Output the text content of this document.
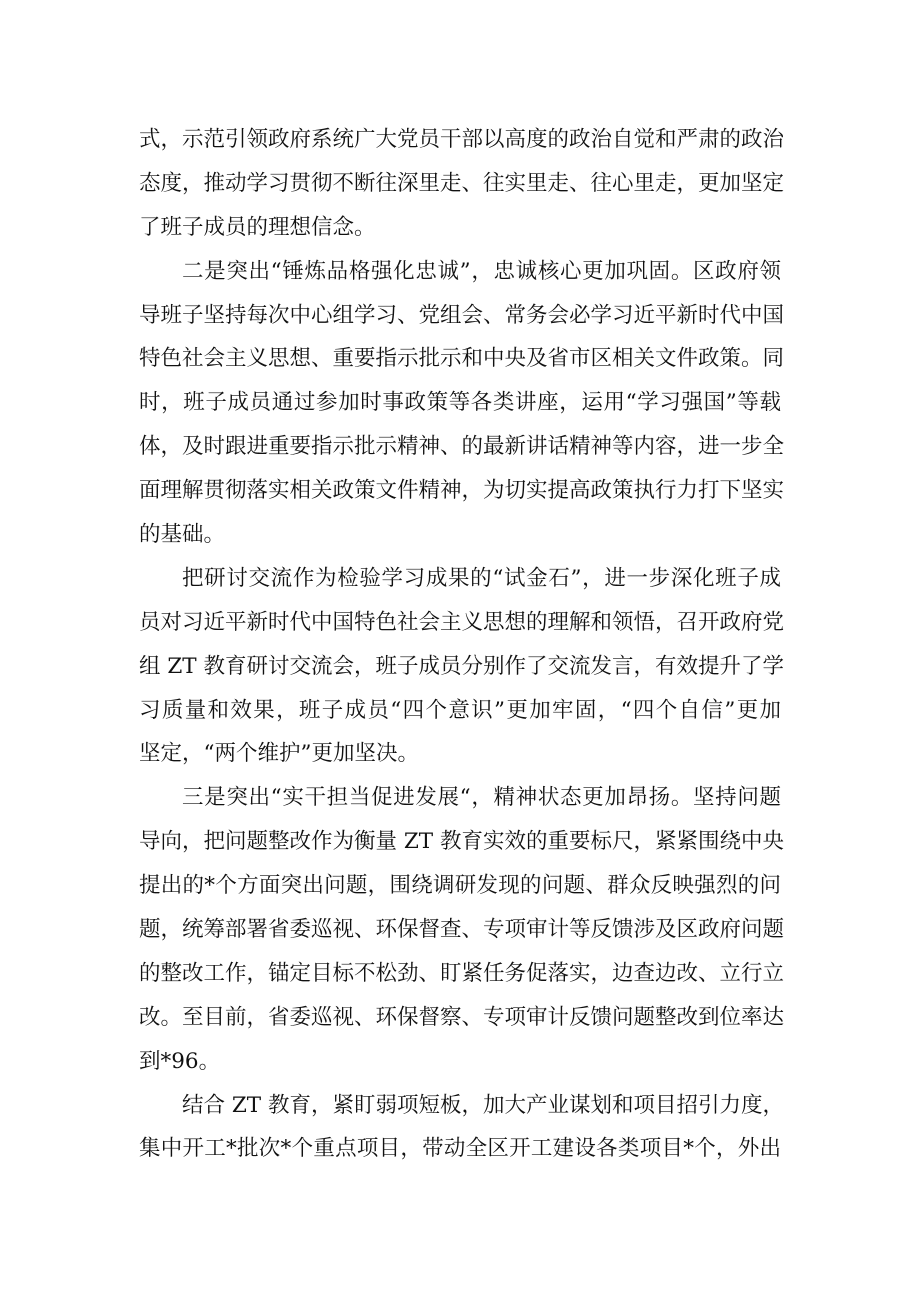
式，示范引领政府系统广大党员干部以高度的政治自觉和严肃的政治
态度，推动学习贯彻不断往深里走、往实里走、往心里走，更加坚定
了班子成员的理想信念。
二是突出“锤炼品格强化忠诚”，忠诚核心更加巩固。区政府领
导班子坚持每次中心组学习、党组会、常务会必学习近平新时代中国
特色社会主义思想、重要指示批示和中央及省市区相关文件政策。同
时，班子成员通过参加时事政策等各类讲座，运用“学习强国”等载
体，及时跟进重要指示批示精神、的最新讲话精神等内容，进一步全
面理解贯彻落实相关政策文件精神，为切实提高政策执行力打下坚实
的基础。
把研讨交流作为检验学习成果的“试金石”，进一步深化班子成
员对习近平新时代中国特色社会主义思想的理解和领悟，召开政府党
组 ZT 教育研讨交流会，班子成员分别作了交流发言，有效提升了学
习质量和效果，班子成员“四个意识”更加牢固，“四个自信”更加
坚定，“两个维护”更加坚决。
三是突出“实干担当促进发展“，精神状态更加昂扬。坚持问题
导向，把问题整改作为衡量 ZT 教育实效的重要标尺，紧紧围绕中央
提出的*个方面突出问题，围绕调研发现的问题、群众反映强烈的问
题，统筹部署省委巡视、环保督查、专项审计等反馈涉及区政府问题
的整改工作，锚定目标不松劲、盯紧任务促落实，边查边改、立行立
改。至目前，省委巡视、环保督察、专项审计反馈问题整改到位率达
到*96。
结合 ZT 教育，紧盯弱项短板，加大产业谋划和项目招引力度，
集中开工*批次*个重点项目，带动全区开工建设各类项目*个，外出
